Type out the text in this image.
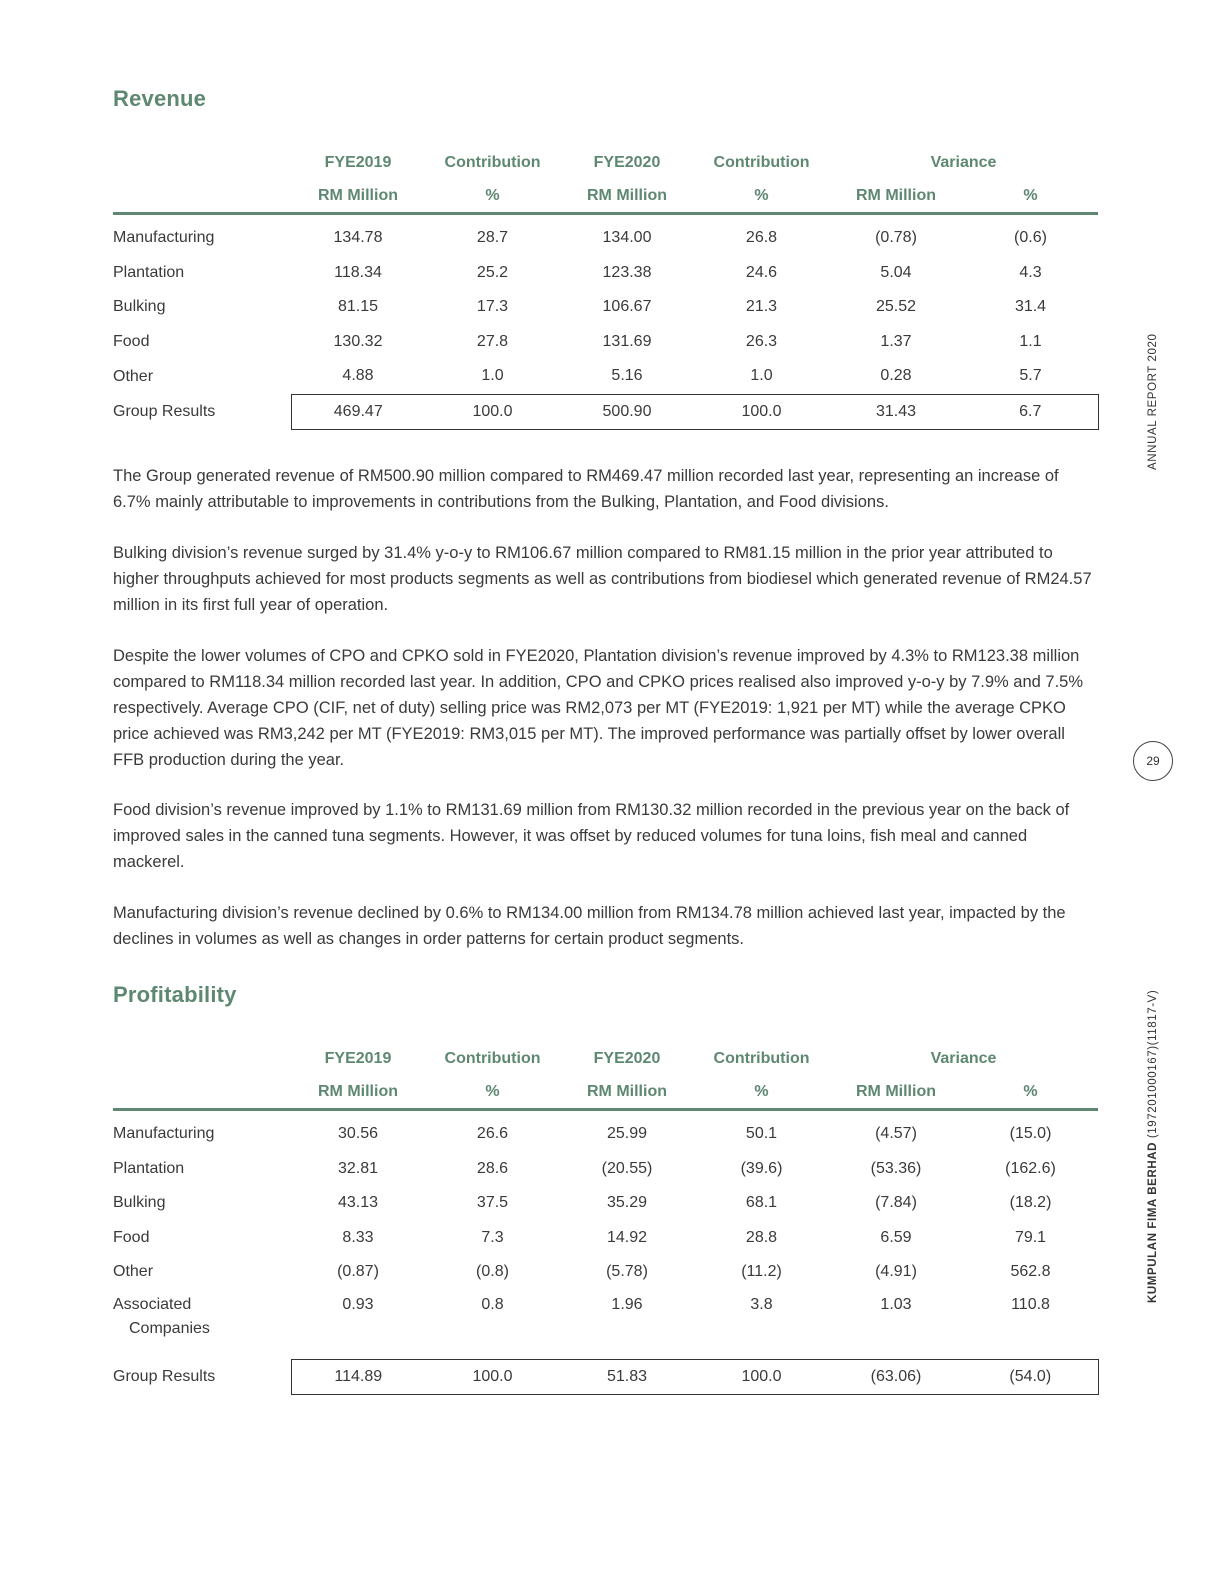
Revenue
	FYE2019	Contribution	FYE2020	Contribution	Variance	
	RM Million	%	RM Million	%	RM Million	%

Manufacturing	134.78	28.7	134.00	26.8	(0.78)	(0.6)
Plantation	118.34	25.2	123.38	24.6	5.04	4.3
Bulking	81.15	17.3	106.67	21.3	25.52	31.4
Food	130.32	27.8	131.69	26.3	1.37	1.1
Other	4.88	1.0	5.16	1.0	0.28	5.7
Group Results	469.47	100.0	500.90	100.0	31.43	6.7

The Group generated revenue of RM500.90 million compared to RM469.47 million recorded last year, representing an increase of 6.7% mainly attributable to improvements in contributions from the Bulking, Plantation, and Food divisions.

Bulking division’s revenue surged by 31.4% y-o-y to RM106.67 million compared to RM81.15 million in the prior year attributed to higher throughputs achieved for most products segments as well as contributions from biodiesel which generated revenue of RM24.57 million in its first full year of operation.

Despite the lower volumes of CPO and CPKO sold in FYE2020, Plantation division’s revenue improved by 4.3% to RM123.38 million compared to RM118.34 million recorded last year. In addition, CPO and CPKO prices realised also improved y-o-y by 7.9% and 7.5% respectively. Average CPO (CIF, net of duty) selling price was RM2,073 per MT (FYE2019: 1,921 per MT) while the average CPKO price achieved was RM3,242 per MT (FYE2019: RM3,015 per MT). The improved performance was partially offset by lower overall FFB production during the year.

Food division’s revenue improved by 1.1% to RM131.69 million from RM130.32 million recorded in the previous year on the back of improved sales in the canned tuna segments. However, it was offset by reduced volumes for tuna loins, fish meal and canned mackerel.

Manufacturing division’s revenue declined by 0.6% to RM134.00 million from RM134.78 million achieved last year, impacted by the declines in volumes as well as changes in order patterns for certain product segments.

Profitability
	FYE2019	Contribution	FYE2020	Contribution	Variance	
	RM Million	%	RM Million	%	RM Million	%

Manufacturing	30.56	26.6	25.99	50.1	(4.57)	(15.0)
Plantation	32.81	28.6	(20.55)	(39.6)	(53.36)	(162.6)
Bulking	43.13	37.5	35.29	68.1	(7.84)	(18.2)
Food	8.33	7.3	14.92	28.8	6.59	79.1
Other	(0.87)	(0.8)	(5.78)	(11.2)	(4.91)	562.8
Associated
Companies	0.93	0.8	1.96	3.8	1.03	110.8

Group Results	114.89	100.0	51.83	100.0	(63.06)	(54.0)
ANNUAL REPORT 2020
29
KUMPULAN FIMA BERHAD (197201000167)(11817-V)
